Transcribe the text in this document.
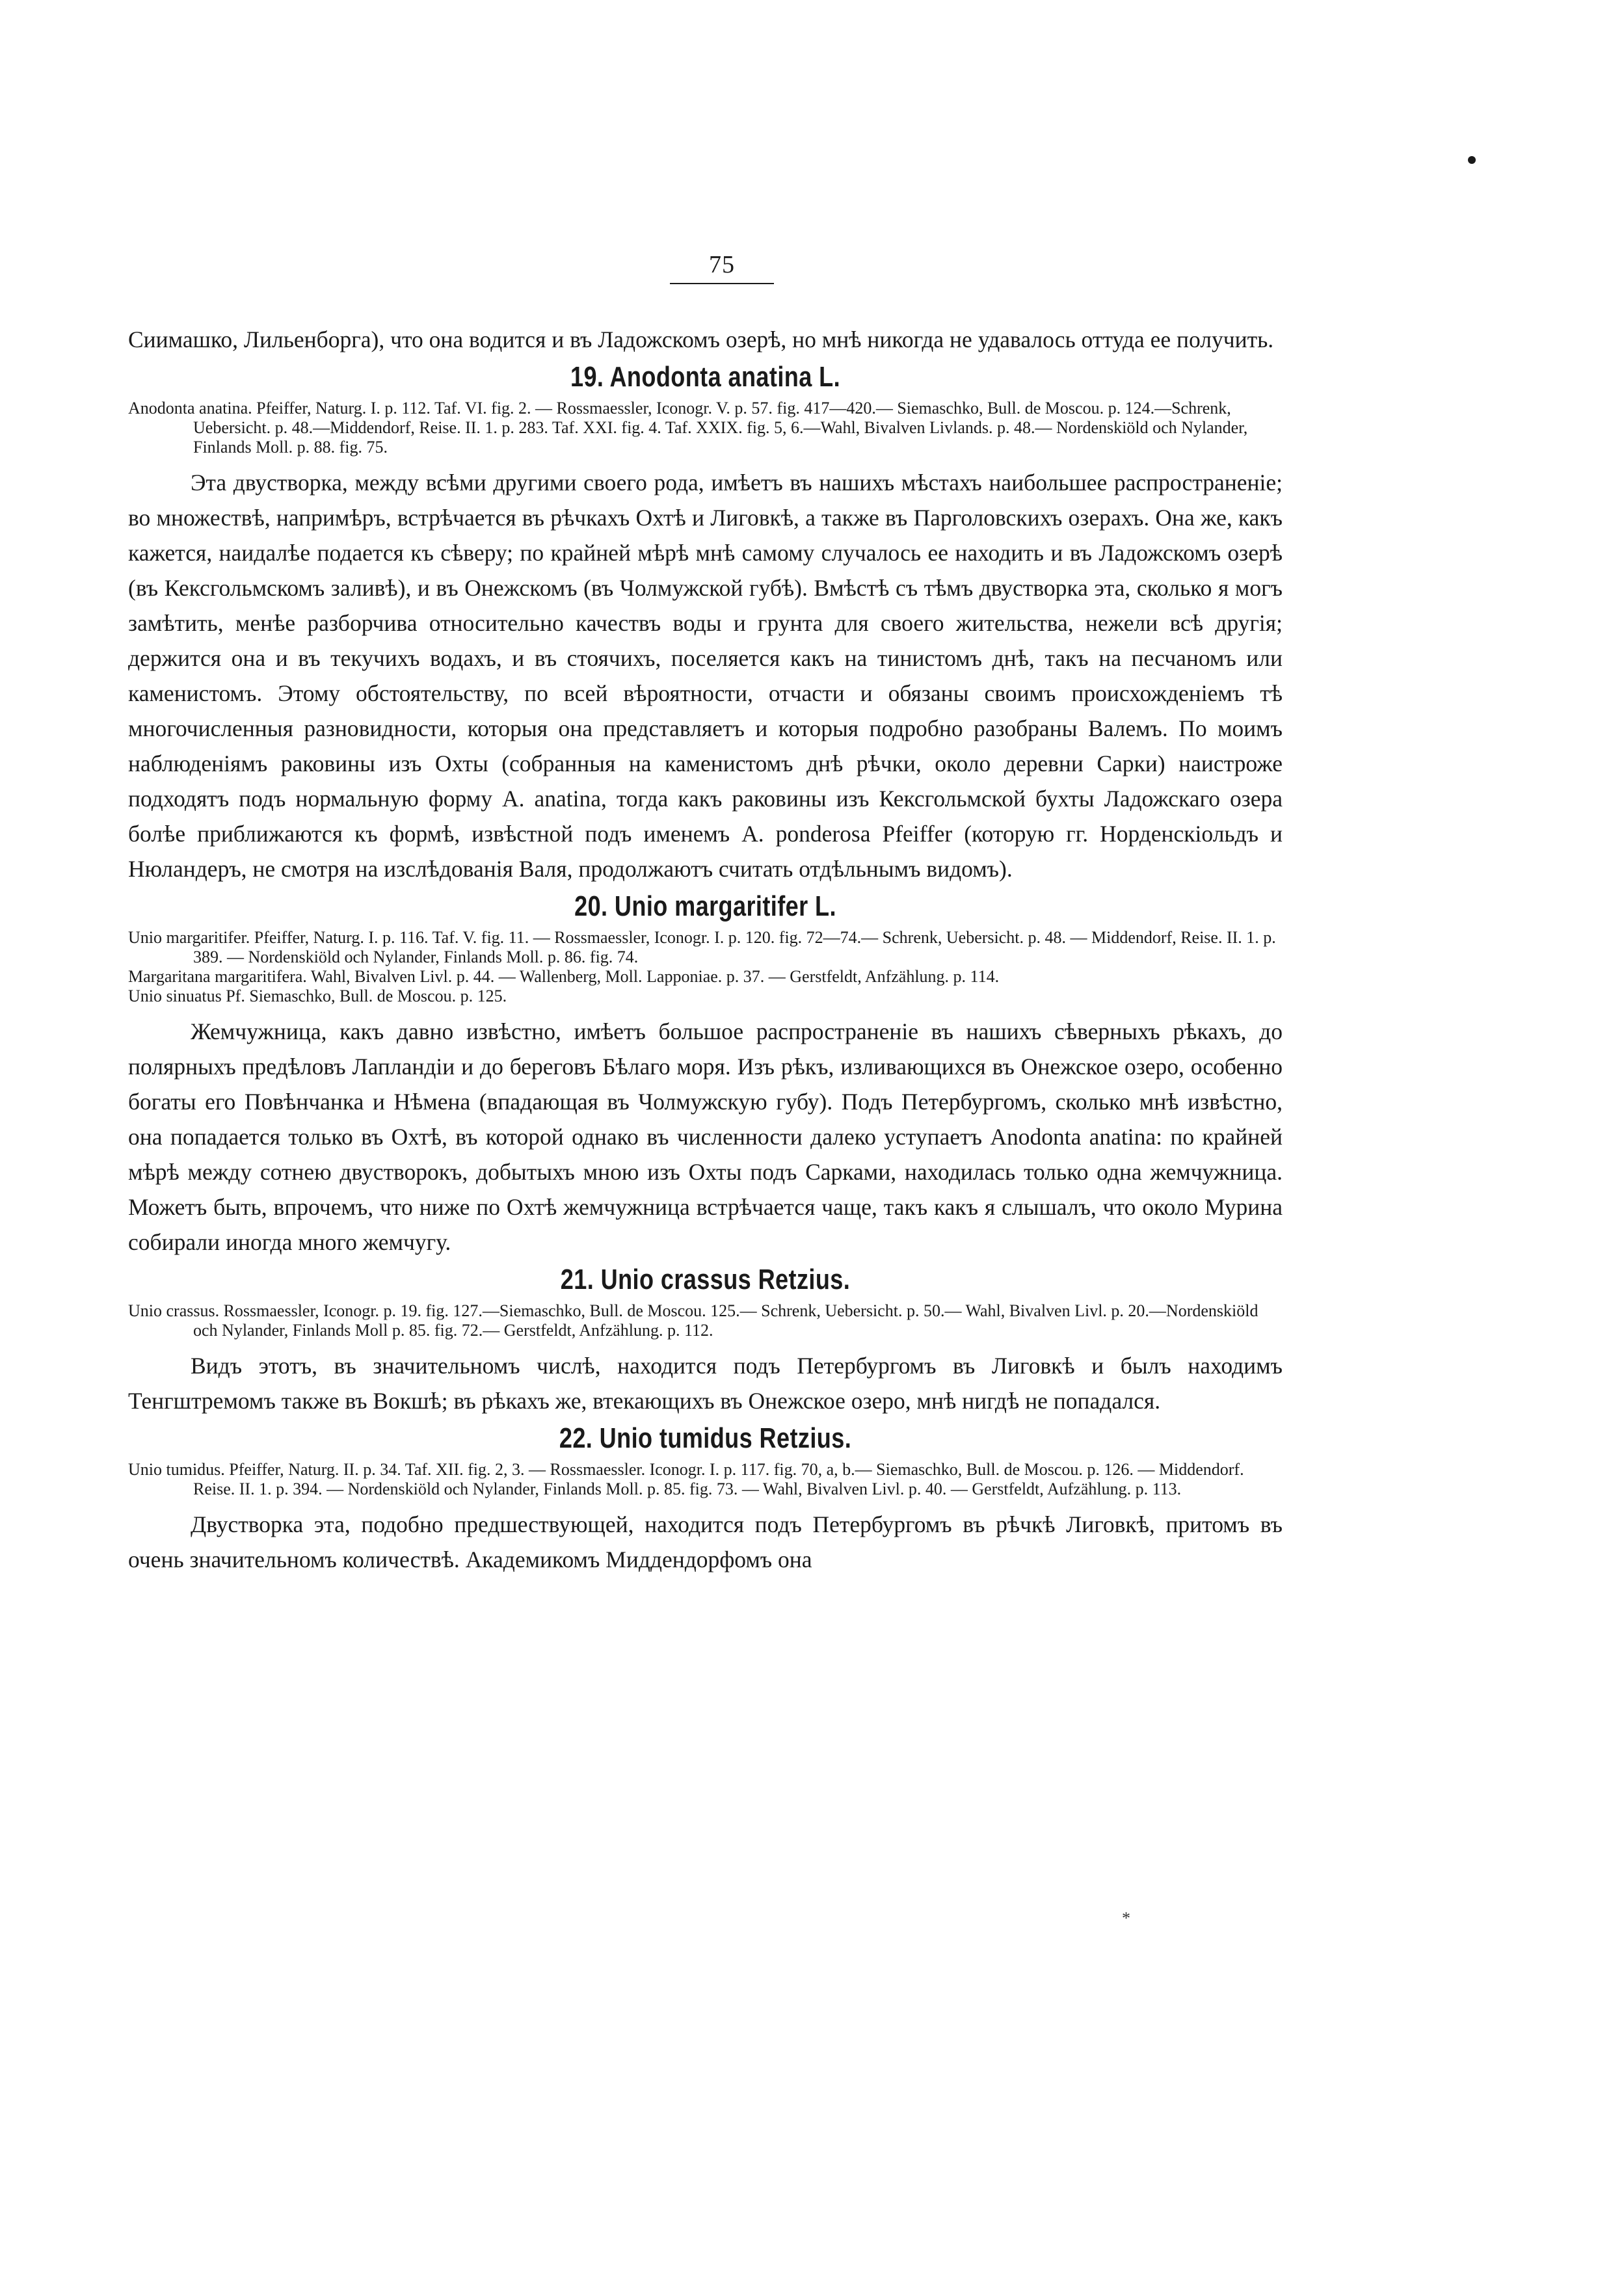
75

Сиимашко, Лильенборга), что она водится и въ Ладожскомъ озерѣ, но мнѣ никогда не удавалось оттуда ее получить.

19. Anodonta anatina L.

Anodonta anatina. Pfeiffer, Naturg. I. p. 112. Taf. VI. fig. 2. — Rossmaessler, Iconogr. V. p. 57. fig. 417—420.— Siemaschko, Bull. de Moscou. p. 124.—Schrenk, Uebersicht. p. 48.—Middendorf, Reise. II. 1. p. 283. Taf. XXI. fig. 4. Taf. XXIX. fig. 5, 6.—Wahl, Bivalven Livlands. p. 48.— Nordenskiöld och Nylander, Finlands Moll. p. 88. fig. 75.

Эта двустворка, между всѣми другими своего рода, имѣетъ въ нашихъ мѣстахъ наибольшее распространеніе; во множествѣ, напримѣръ, встрѣчается въ рѣчкахъ Охтѣ и Лиговкѣ, а также въ Парголовскихъ озерахъ. Она же, какъ кажется, наидалѣе подается къ сѣверу; по крайней мѣрѣ мнѣ самому случалось ее находить и въ Ладожскомъ озерѣ (въ Кексгольмскомъ заливѣ), и въ Онежскомъ (въ Чолмужской губѣ). Вмѣстѣ съ тѣмъ двустворка эта, сколько я могъ замѣтить, менѣе разборчива относительно качествъ воды и грунта для своего жительства, нежели всѣ другія; держится она и въ текучихъ водахъ, и въ стоячихъ, поселяется какъ на тинистомъ днѣ, такъ на песчаномъ или каменистомъ. Этому обстоятельству, по всей вѣроятности, отчасти и обязаны своимъ происхожденіемъ тѣ многочисленныя разновидности, которыя она представляетъ и которыя подробно разобраны Валемъ. По моимъ наблюденіямъ раковины изъ Охты (собранныя на каменистомъ днѣ рѣчки, около деревни Сарки) наистроже подходятъ подъ нормальную форму A. anatina, тогда какъ раковины изъ Кексгольмской бухты Ладожскаго озера болѣе приближаются къ формѣ, извѣстной подъ именемъ A. ponderosa Pfeiffer (которую гг. Норденскіольдъ и Нюландеръ, не смотря на изслѣдованія Валя, продолжаютъ считать отдѣльнымъ видомъ).

20. Unio margaritifer L.

Unio margaritifer. Pfeiffer, Naturg. I. p. 116. Taf. V. fig. 11. — Rossmaessler, Iconogr. I. p. 120. fig. 72—74.— Schrenk, Uebersicht. p. 48. — Middendorf, Reise. II. 1. p. 389. — Nordenskiöld och Nylander, Finlands Moll. p. 86. fig. 74.

Margaritana margaritifera. Wahl, Bivalven Livl. p. 44. — Wallenberg, Moll. Lapponiae. p. 37. — Gerstfeldt, Anfzählung. p. 114.

Unio sinuatus Pf. Siemaschko, Bull. de Moscou. p. 125.

Жемчужница, какъ давно извѣстно, имѣетъ большое распространеніе въ нашихъ сѣверныхъ рѣкахъ, до полярныхъ предѣловъ Лапландіи и до береговъ Бѣлаго моря. Изъ рѣкъ, изливающихся въ Онежское озеро, особенно богаты его Повѣнчанка и Нѣмена (впадающая въ Чолмужскую губу). Подъ Петербургомъ, сколько мнѣ извѣстно, она попадается только въ Охтѣ, въ которой однако въ численности далеко уступаетъ Anodonta anatina: по крайней мѣрѣ между сотнею двустворокъ, добытыхъ мною изъ Охты подъ Сарками, находилась только одна жемчужница. Можетъ быть, впрочемъ, что ниже по Охтѣ жемчужница встрѣчается чаще, такъ какъ я слышалъ, что около Мурина собирали иногда много жемчугу.

21. Unio crassus Retzius.

Unio crassus. Rossmaessler, Iconogr. p. 19. fig. 127.—Siemaschko, Bull. de Moscou. 125.— Schrenk, Uebersicht. p. 50.— Wahl, Bivalven Livl. p. 20.—Nordenskiöld och Nylander, Finlands Moll p. 85. fig. 72.— Gerstfeldt, Anfzählung. p. 112.

Видъ этотъ, въ значительномъ числѣ, находится подъ Петербургомъ въ Лиговкѣ и былъ находимъ Тенгштремомъ также въ Вокшѣ; въ рѣкахъ же, втекающихъ въ Онежское озеро, мнѣ нигдѣ не попадался.

22. Unio tumidus Retzius.

Unio tumidus. Pfeiffer, Naturg. II. p. 34. Taf. XII. fig. 2, 3. — Rossmaessler. Iconogr. I. p. 117. fig. 70, a, b.— Siemaschko, Bull. de Moscou. p. 126. — Middendorf. Reise. II. 1. p. 394. — Nordenskiöld och Nylander, Finlands Moll. p. 85. fig. 73. — Wahl, Bivalven Livl. p. 40. — Gerstfeldt, Aufzählung. p. 113.

Двустворка эта, подобно предшествующей, находится подъ Петербургомъ въ рѣчкѣ Лиговкѣ, притомъ въ очень значительномъ количествѣ. Академикомъ Миддендорфомъ она

*
